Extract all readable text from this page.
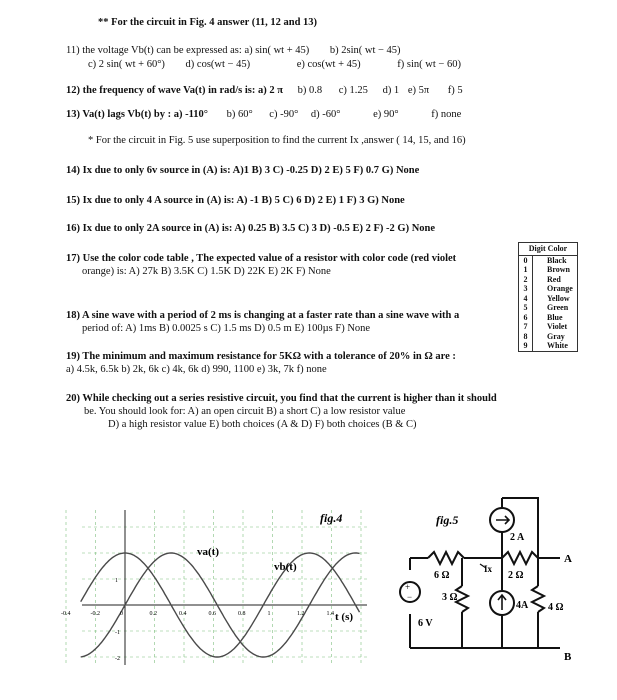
** For the circuit in Fig. 4 answer (11, 12 and 13)
11) the voltage Vb(t) can be expressed as: a) sin( wt + 45) b) 2sin( wt − 45)
c) 2 sin( wt + 60°) d) cos(wt − 45)	e) cos(wt + 45)	f) sin( wt − 60)
12) the frequency of wave Va(t) in rad/s is: a) 2 π b) 0.8 c) 1.25 d) 1 e) 5π f) 5
13) Va(t) lags Vb(t) by : a) -110° b) 60° c) -90° d) -60°	e) 90°	f) none
* For the circuit in Fig. 5 use superposition to find the current Ix ,answer ( 14, 15, and 16)
14) Ix due to only 6v source in (A) is: A)1 B) 3 C) -0.25 D) 2 E) 5 F) 0.7 G) None
15) Ix due to only 4 A source in (A) is: A) -1 B) 5 C) 6 D) 2 E) 1 F) 3 G) None
16) Ix due to only 2A source in (A) is: A) 0.25 B) 3.5 C) 3 D) -0.5 E) 2 F) -2 G) None
17) Use the color code table , The expected value of a resistor with color code (red violet
orange) is: A) 27k B) 3.5K C) 1.5K D) 22K E) 2K F) None
Digit Color
0	Black
1	Brown
2	Red
3	Orange
4	Yellow
5	Green
6	Blue
7	Violet
8	Gray
9	White
18) A sine wave with a period of 2 ms is changing at a faster rate than a sine wave with a
period of: A) 1ms B) 0.0025 s C) 1.5 ms D) 0.5 m E) 100µs F) None
19) The minimum and maximum resistance for 5KΩ with a tolerance of 20% in Ω are :
a) 4.5k, 6.5k b) 2k, 6k c) 4k, 6k d) 990, 1100 e) 3k, 7k f) none
20) While checking out a series resistive circuit, you find that the current is higher than it should
be. You should look for: A) an open circuit B) a short C) a low resistor value
D) a high resistor value E) both choices (A & D) F) both choices (B & C)
-0.4	-0.2	0	0.2	0.4	0.6	0.8	1	1.2	1.4
1
-1
-2
fig.4
va(t)
vb(t)
t (s)
+
−
fig.5
6 Ω	2 Ω
3 Ω
4 Ω
6 V
4A
2 A
Ix
A
B
